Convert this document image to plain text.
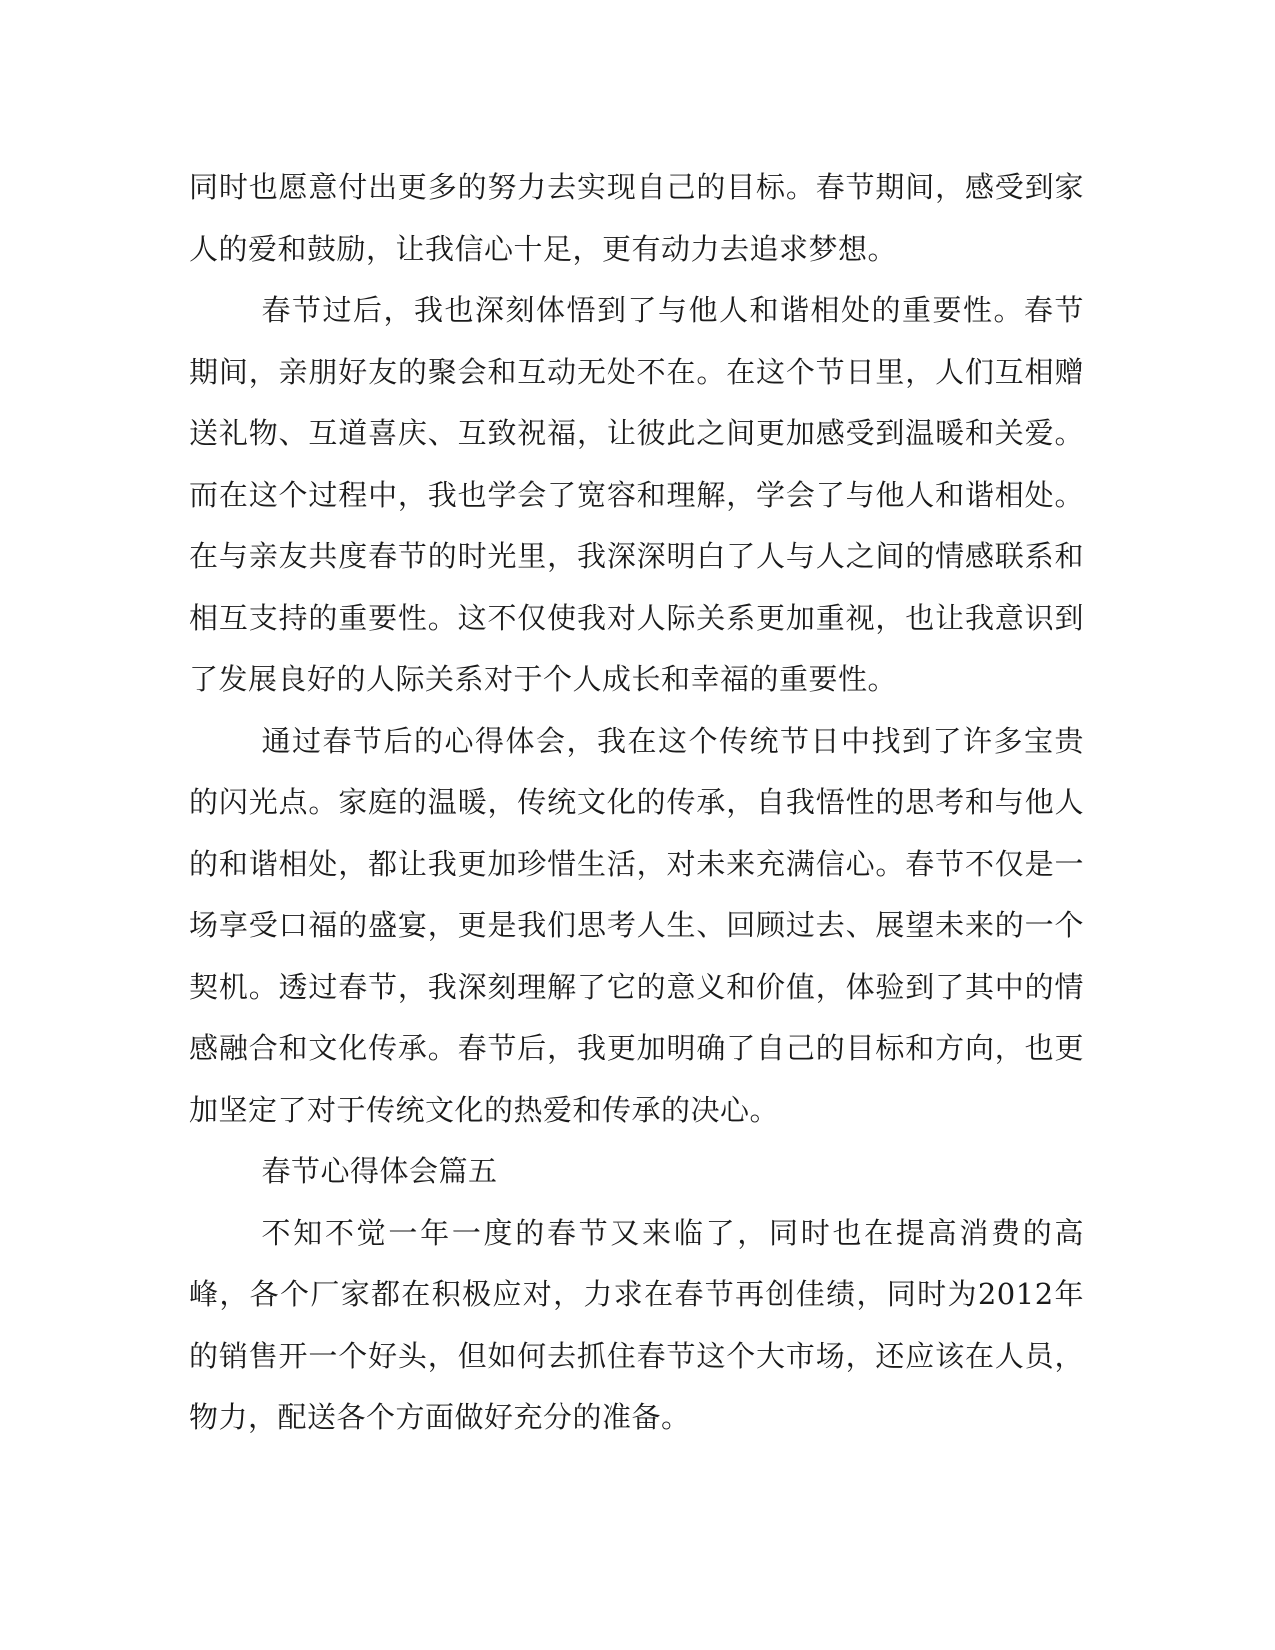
同时也愿意付出更多的努力去实现自己的目标。春节期间，感受到家人的爱和鼓励，让我信心十足，更有动力去追求梦想。

春节过后，我也深刻体悟到了与他人和谐相处的重要性。春节期间，亲朋好友的聚会和互动无处不在。在这个节日里，人们互相赠送礼物、互道喜庆、互致祝福，让彼此之间更加感受到温暖和关爱。而在这个过程中，我也学会了宽容和理解，学会了与他人和谐相处。在与亲友共度春节的时光里，我深深明白了人与人之间的情感联系和相互支持的重要性。这不仅使我对人际关系更加重视，也让我意识到了发展良好的人际关系对于个人成长和幸福的重要性。

通过春节后的心得体会，我在这个传统节日中找到了许多宝贵的闪光点。家庭的温暖，传统文化的传承，自我悟性的思考和与他人的和谐相处，都让我更加珍惜生活，对未来充满信心。春节不仅是一场享受口福的盛宴，更是我们思考人生、回顾过去、展望未来的一个契机。透过春节，我深刻理解了它的意义和价值，体验到了其中的情感融合和文化传承。春节后，我更加明确了自己的目标和方向，也更加坚定了对于传统文化的热爱和传承的决心。

春节心得体会篇五

不知不觉一年一度的春节又来临了，同时也在提高消费的高峰，各个厂家都在积极应对，力求在春节再创佳绩，同时为2012年的销售开一个好头，但如何去抓住春节这个大市场，还应该在人员，物力，配送各个方面做好充分的准备。
